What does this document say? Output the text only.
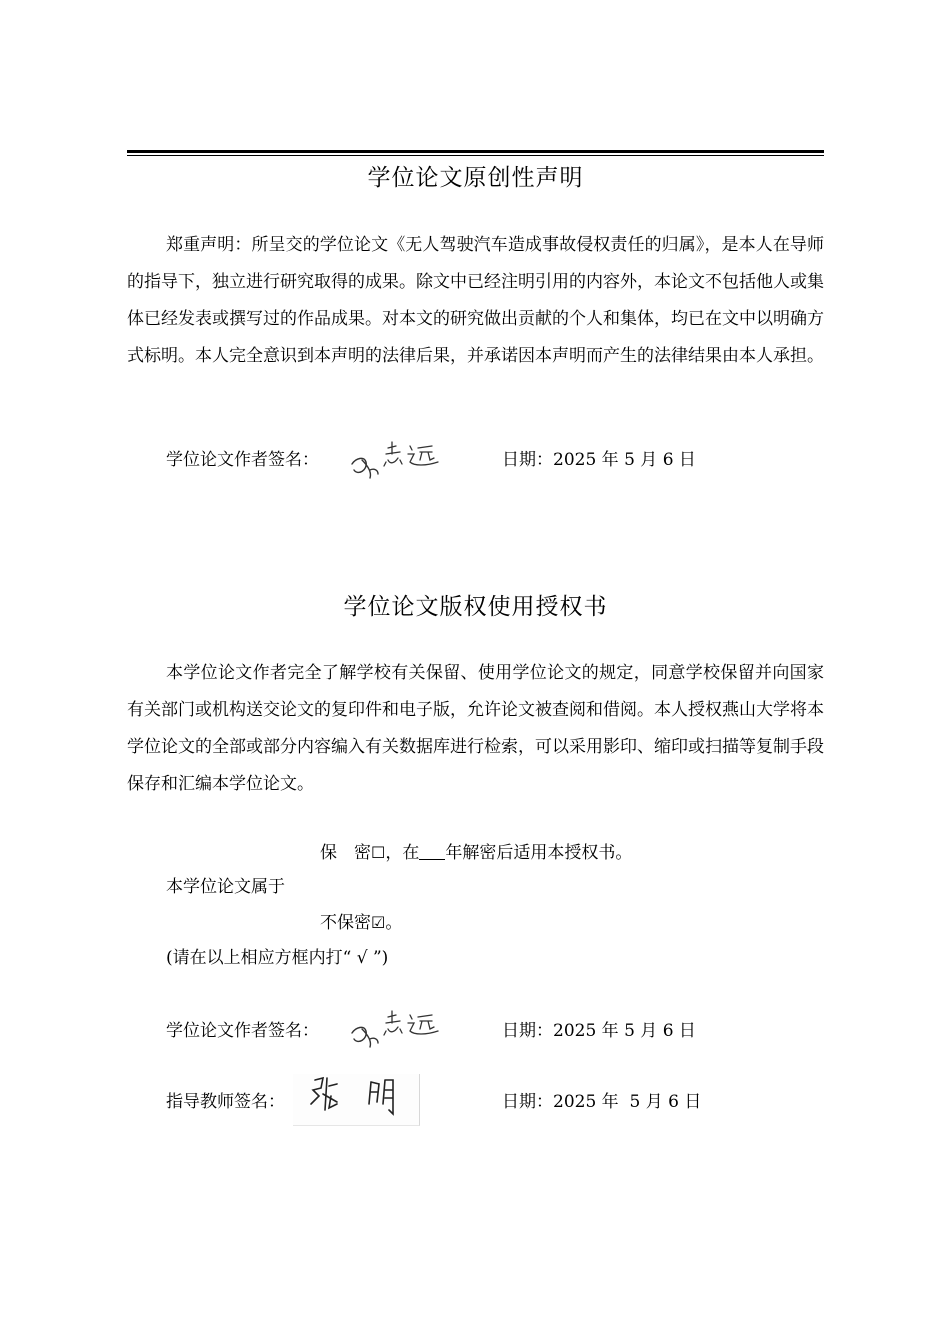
学位论文原创性声明

郑重声明：所呈交的学位论文《无人驾驶汽车造成事故侵权责任的归属》，是本人在导师的指导下，独立进行研究取得的成果。除文中已经注明引用的内容外，本论文不包括他人或集体已经发表或撰写过的作品成果。对本文的研究做出贡献的个人和集体，均已在文中以明确方式标明。本人完全意识到本声明的法律后果，并承诺因本声明而产生的法律结果由本人承担。

学位论文作者签名：	日期：2025 年 5 月 6 日
学位论文版权使用授权书

本学位论文作者完全了解学校有关保留、使用学位论文的规定，同意学校保留并向国家有关部门或机构送交论文的复印件和电子版，允许论文被查阅和借阅。本人授权燕山大学将本学位论文的全部或部分内容编入有关数据库进行检索，可以采用影印、缩印或扫描等复制手段保存和汇编本学位论文。

保　密☐，在 年解密后适用本授权书。
本学位论文属于
不保密☑。
(请在以上相应方框内打“ √ ”)
学位论文作者签名：	日期：2025 年 5 月 6 日
指导教师签名：	日期：2025 年  5 月 6 日
